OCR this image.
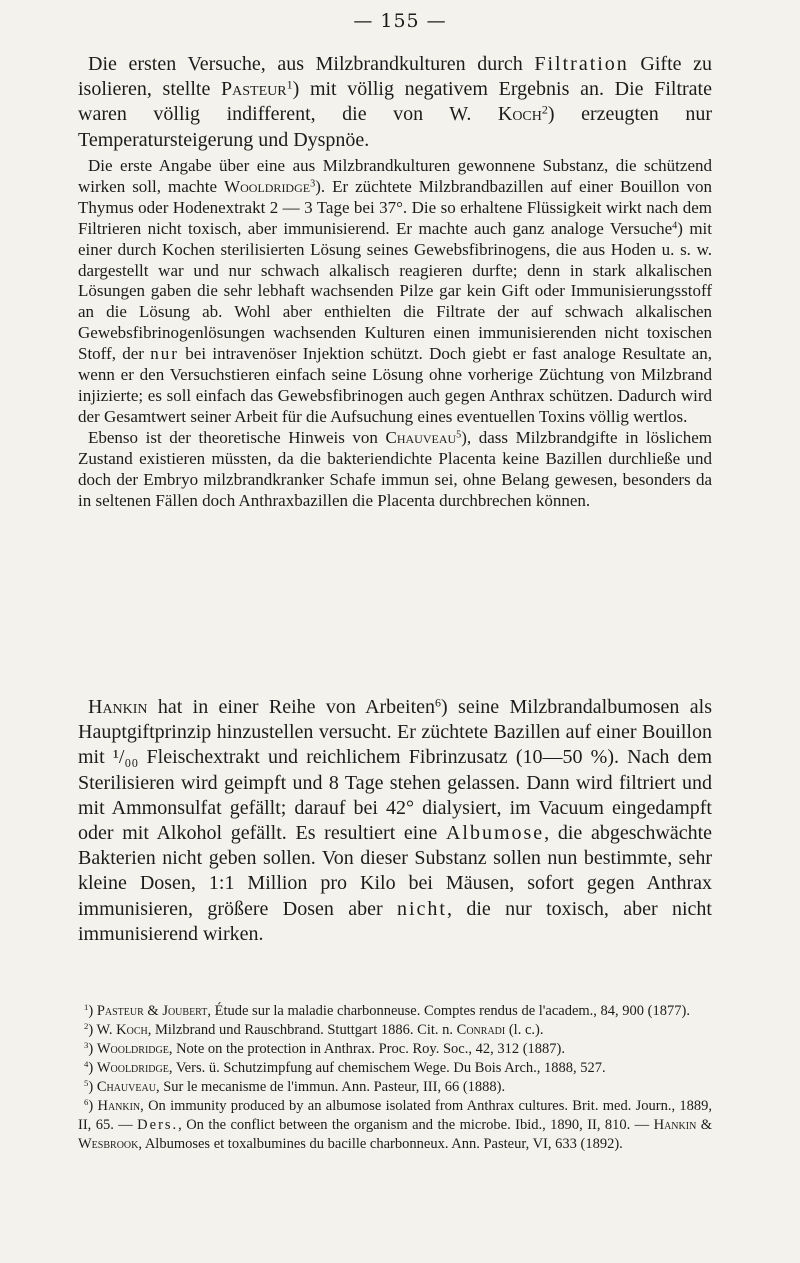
— 155 —

Die ersten Versuche, aus Milzbrandkulturen durch Filtration Gifte zu isolieren, stellte Pasteur$^1$) mit völlig negativem Ergebnis an. Die Filtrate waren völlig indifferent, die von W. Koch$^2$) erzeugten nur Temperatursteigerung und Dyspnöe.

Die erste Angabe über eine aus Milzbrandkulturen gewonnene Substanz, die schützend wirken soll, machte Wooldridge$^3$). Er züchtete Milzbrandbazillen auf einer Bouillon von Thymus oder Hodenextrakt 2 — 3 Tage bei 37°. Die so erhaltene Flüssigkeit wirkt nach dem Filtrieren nicht toxisch, aber immunisierend. Er machte auch ganz analoge Versuche$^4$) mit einer durch Kochen sterilisierten Lösung seines Gewebsfibrinogens, die aus Hoden u. s. w. dargestellt war und nur schwach alkalisch reagieren durfte; denn in stark alkalischen Lösungen gaben die sehr lebhaft wachsenden Pilze gar kein Gift oder Immunisierungsstoff an die Lösung ab. Wohl aber enthielten die Filtrate der auf schwach alkalischen Gewebsfibrinogenlösungen wachsenden Kulturen einen immunisierenden nicht toxischen Stoff, der nur bei intravenöser Injektion schützt. Doch giebt er fast analoge Resultate an, wenn er den Versuchstieren einfach seine Lösung ohne vorherige Züchtung von Milzbrand injizierte; es soll einfach das Gewebsfibrinogen auch gegen Anthrax schützen. Dadurch wird der Gesamtwert seiner Arbeit für die Aufsuchung eines eventuellen Toxins völlig wertlos.

Ebenso ist der theoretische Hinweis von Chauveau$^5$), dass Milzbrandgifte in löslichem Zustand existieren müssten, da die bakteriendichte Placenta keine Bazillen durchließe und doch der Embryo milzbrandkranker Schafe immun sei, ohne Belang gewesen, besonders da in seltenen Fällen doch Anthraxbazillen die Placenta durchbrechen können.

Hankin hat in einer Reihe von Arbeiten$^6$) seine Milzbrandalbumosen als Hauptgiftprinzip hinzustellen versucht. Er züchtete Bazillen auf einer Bouillon mit ¹/₀₀ Fleischextrakt und reichlichem Fibrinzusatz (10—50 %). Nach dem Sterilisieren wird geimpft und 8 Tage stehen gelassen. Dann wird filtriert und mit Ammonsulfat gefällt; darauf bei 42° dialysiert, im Vacuum eingedampft oder mit Alkohol gefällt. Es resultiert eine Albumose, die abgeschwächte Bakterien nicht geben sollen. Von dieser Substanz sollen nun bestimmte, sehr kleine Dosen, 1:1 Million pro Kilo bei Mäusen, sofort gegen Anthrax immunisieren, größere Dosen aber nicht, die nur toxisch, aber nicht immunisierend wirken.

$^1$) Pasteur & Joubert, Étude sur la maladie charbonneuse. Comptes rendus de l'academ., 84, 900 (1877).
$^2$) W. Koch, Milzbrand und Rauschbrand. Stuttgart 1886. Cit. n. Conradi (l. c.).
$^3$) Wooldridge, Note on the protection in Anthrax. Proc. Roy. Soc., 42, 312 (1887).
$^4$) Wooldridge, Vers. ü. Schutzimpfung auf chemischem Wege. Du Bois Arch., 1888, 527.
$^5$) Chauveau, Sur le mecanisme de l'immun. Ann. Pasteur, III, 66 (1888).
$^6$) Hankin, On immunity produced by an albumose isolated from Anthrax cultures. Brit. med. Journ., 1889, II, 65. — Ders., On the conflict between the organism and the microbe. Ibid., 1890, II, 810. — Hankin & Wesbrook, Albumoses et toxalbumines du bacille charbonneux. Ann. Pasteur, VI, 633 (1892).
